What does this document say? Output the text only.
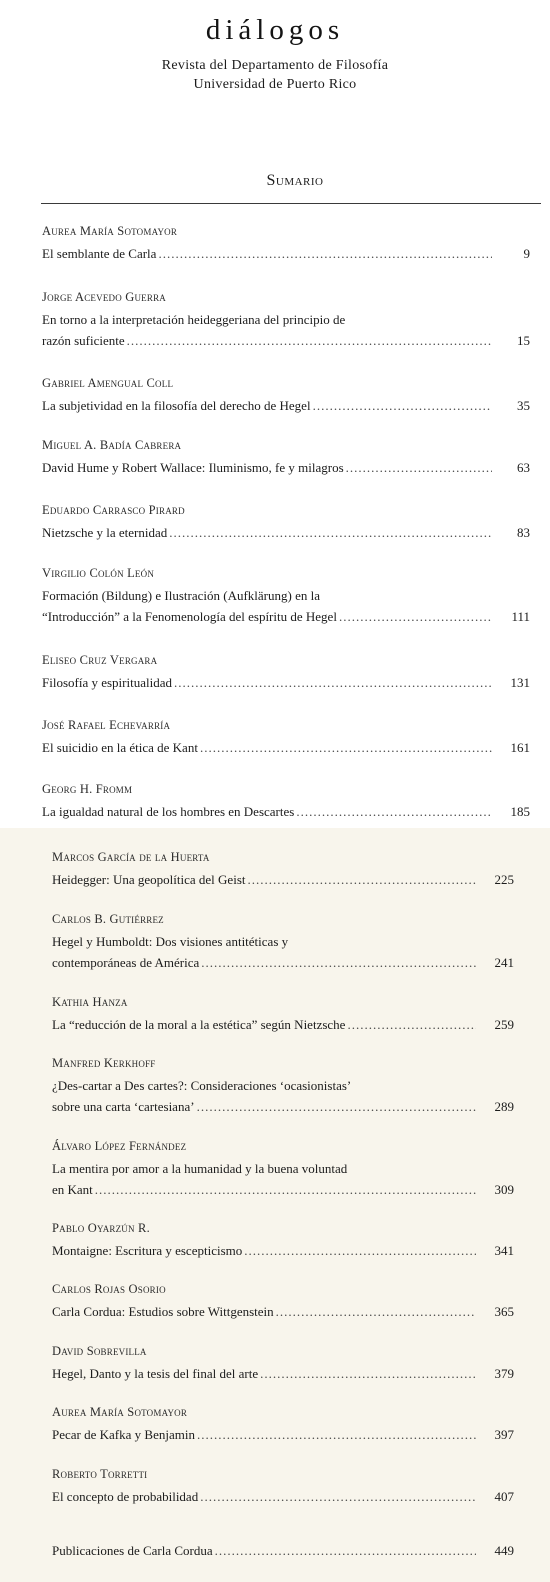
diálogos
Revista del Departamento de Filosofía
Universidad de Puerto Rico
Sumario
Aurea María Sotomayor
El semblante de Carla .....	9
Jorge Acevedo Guerra
En torno a la interpretación heideggeriana del principio de
razón suficiente .....	15
Gabriel Amengual Coll
La subjetividad en la filosofía del derecho de Hegel .....	35
Miguel A. Badía Cabrera
David Hume y Robert Wallace: Iluminismo, fe y milagros .....	63
Eduardo Carrasco Pirard
Nietzsche y la eternidad .....	83
Virgilio Colón León
Formación (Bildung) e Ilustración (Aufklärung) en la
“Introducción” a la Fenomenología del espíritu de Hegel .....	111
Eliseo Cruz Vergara
Filosofía y espiritualidad .....	131
José Rafael Echevarría
El suicidio en la ética de Kant .....	161
Georg H. Fromm
La igualdad natural de los hombres en Descartes .....	185
Marcos García de la Huerta
Heidegger: Una geopolítica del Geist .....	225
Carlos B. Gutiérrez
Hegel y Humboldt: Dos visiones antitéticas y
contemporáneas de América .....	241
Kathia Hanza
La “reducción de la moral a la estética” según Nietzsche .....	259
Manfred Kerkhoff
¿Des-cartar a Des cartes?: Consideraciones ‘ocasionistas’
sobre una carta ‘cartesiana’ .....	289
Álvaro López Fernández
La mentira por amor a la humanidad y la buena voluntad
en Kant .....	309
Pablo Oyarzún R.
Montaigne: Escritura y escepticismo .....	341
Carlos Rojas Osorio
Carla Cordua: Estudios sobre Wittgenstein .....	365
David Sobrevilla
Hegel, Danto y la tesis del final del arte .....	379
Aurea María Sotomayor
Pecar de Kafka y Benjamin .....	397
Roberto Torretti
El concepto de probabilidad .....	407
Publicaciones de Carla Cordua .....	449
